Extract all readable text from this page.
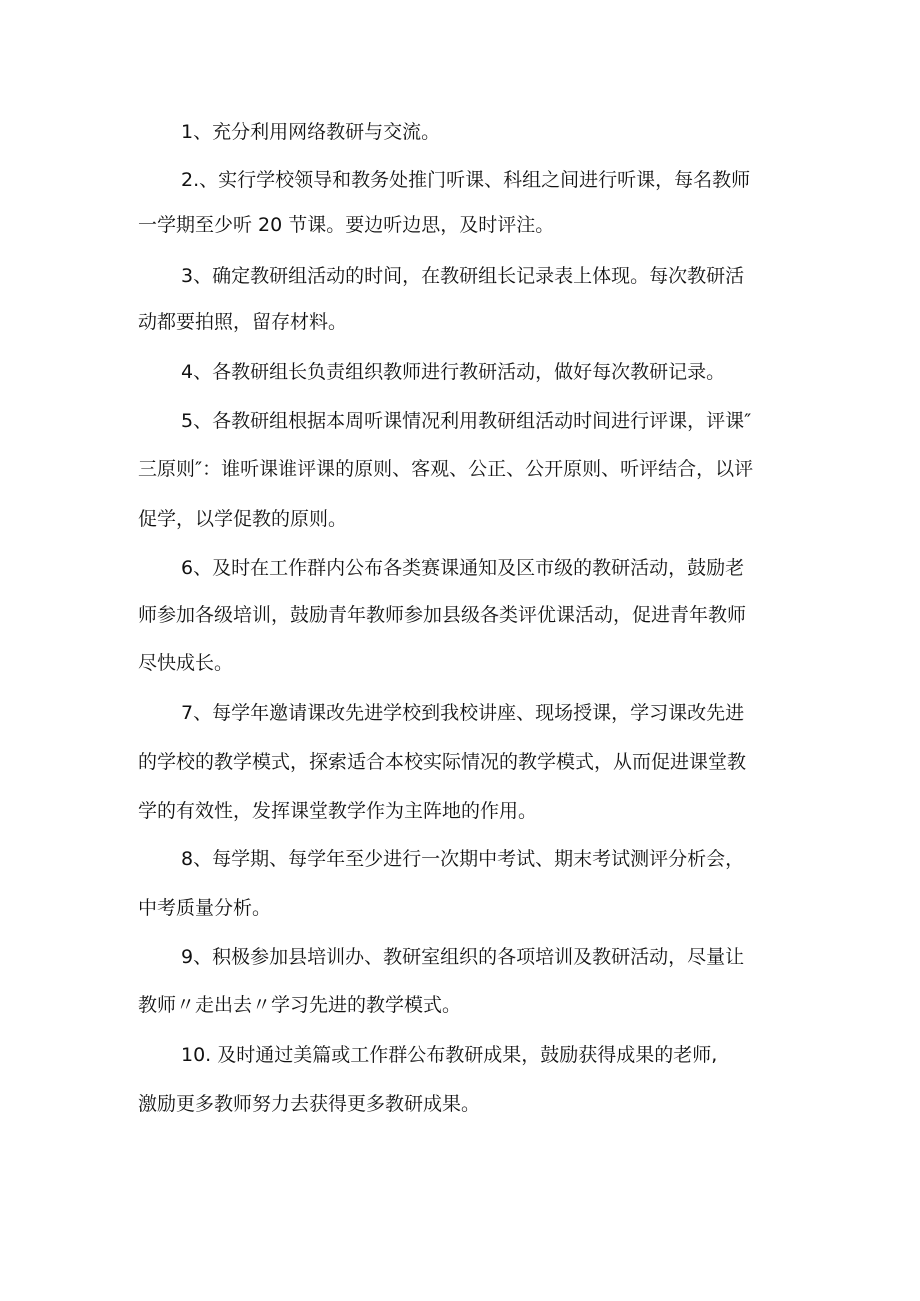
1、充分利用网络教研与交流。
2.、实行学校领导和教务处推门听课、科组之间进行听课，每名教师
一学期至少听 20 节课。要边听边思，及时评注。
3、确定教研组活动的时间，在教研组长记录表上体现。每次教研活
动都要拍照，留存材料。
4、各教研组长负责组织教师进行教研活动，做好每次教研记录。
5、各教研组根据本周听课情况利用教研组活动时间进行评课，评课″
三原则″：谁听课谁评课的原则、客观、公正、公开原则、听评结合，以评
促学，以学促教的原则。
6、及时在工作群内公布各类赛课通知及区市级的教研活动，鼓励老
师参加各级培训，鼓励青年教师参加县级各类评优课活动，促进青年教师
尽快成长。
7、每学年邀请课改先进学校到我校讲座、现场授课，学习课改先进
的学校的教学模式，探索适合本校实际情况的教学模式，从而促进课堂教
学的有效性，发挥课堂教学作为主阵地的作用。
8、每学期、每学年至少进行一次期中考试、期末考试测评分析会，
中考质量分析。
9、积极参加县培训办、教研室组织的各项培训及教研活动，尽量让
教师〃走出去〃学习先进的教学模式。
10. 及时通过美篇或工作群公布教研成果，鼓励获得成果的老师,
激励更多教师努力去获得更多教研成果。
